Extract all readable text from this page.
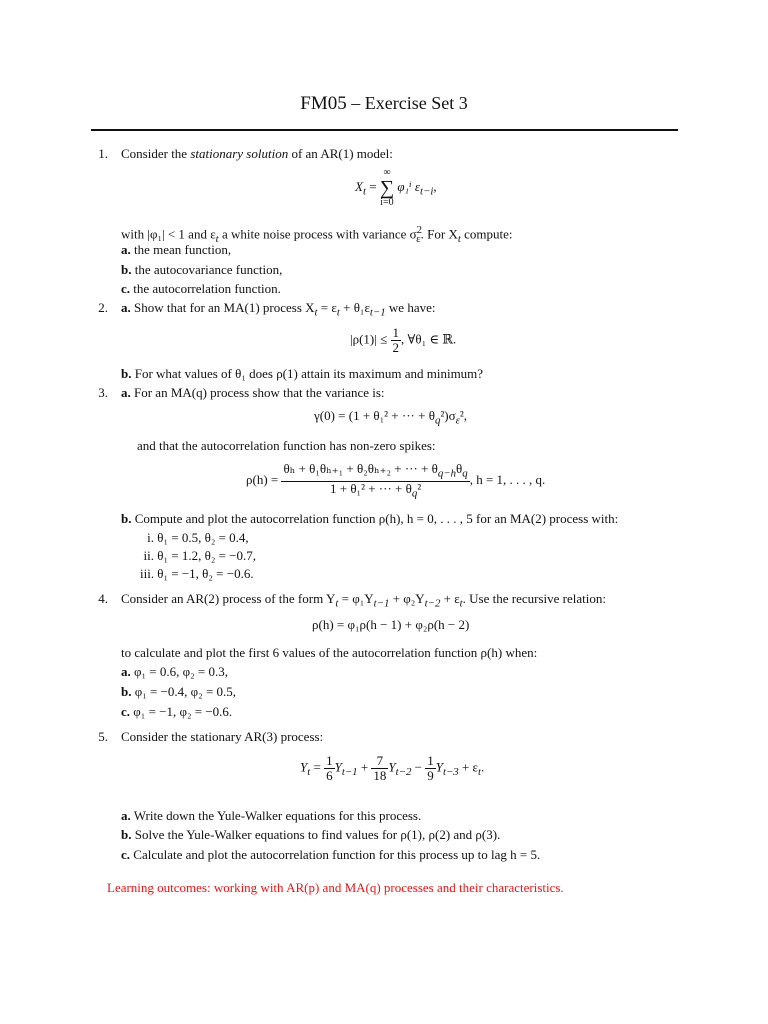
FM05 – Exercise Set 3
1. Consider the stationary solution of an AR(1) model:
$X_t$ = ∞
∑
i=0 φ₁ⁱ $\varepsilon_{t-i}$,
with |φ₁| < 1 and $\varepsilon_t$ a white noise process with variance $\sigma^2_\varepsilon$. For $X_t$ compute:
a. the mean function,
b. the autocovariance function,
c. the autocorrelation function.
2. a. Show that for an MA(1) process $X_t = \varepsilon_t + \theta_1\varepsilon_{t-1}$ we have:
$|\rho(1)| \le \frac{1}{2}$ , ∀θ₁ ∈ ℝ.
b. For what values of θ₁ does ρ(1) attain its maximum and minimum?
3. a. For an MA(q) process show that the variance is:
γ(0) = (1 + θ₁² + ··· + $\theta_q^2)\sigma_\varepsilon^2$,
and that the autocorrelation function has non-zero spikes:
$\rho(h) = \frac{\theta_h + \theta_1\theta_{h+1} + \theta_2\theta_{h+2} + \cdot\cdot\cdot + \theta_{q-h}\theta_q}{1 + \theta_1^2 + \cdot\cdot\cdot + \theta_q^2}$ , h = 1, . . . , q.
b. Compute and plot the autocorrelation function ρ(h), h = 0, . . . , 5 for an MA(2) process with:
i. θ₁ = 0.5, θ₂ = 0.4,
ii. θ₁ = 1.2, θ₂ = −0.7,
iii. θ₁ = −1, θ₂ = −0.6.
4. Consider an AR(2) process of the form $Y_t = \varphi_1Y_{t-1} + \varphi_2Y_{t-2} + \varepsilon_t$. Use the recursive relation:
ρ(h) = φ₁ρ(h − 1) + φ₂ρ(h − 2)
to calculate and plot the first 6 values of the autocorrelation function ρ(h) when:
a. φ₁ = 0.6, φ₂ = 0.3,
b. φ₁ = −0.4, φ₂ = 0.5,
c. φ₁ = −1, φ₂ = −0.6.
5. Consider the stationary AR(3) process:
$Y_t = \frac{1}{6} Y_{t-1} + \frac{7}{18} Y_{t-2} - \frac{1}{9} Y_{t-3} + \varepsilon_t$.
a. Write down the Yule-Walker equations for this process.
b. Solve the Yule-Walker equations to find values for ρ(1), ρ(2) and ρ(3).
c. Calculate and plot the autocorrelation function for this process up to lag h = 5.
Learning outcomes: working with AR(p) and MA(q) processes and their characteristics.
